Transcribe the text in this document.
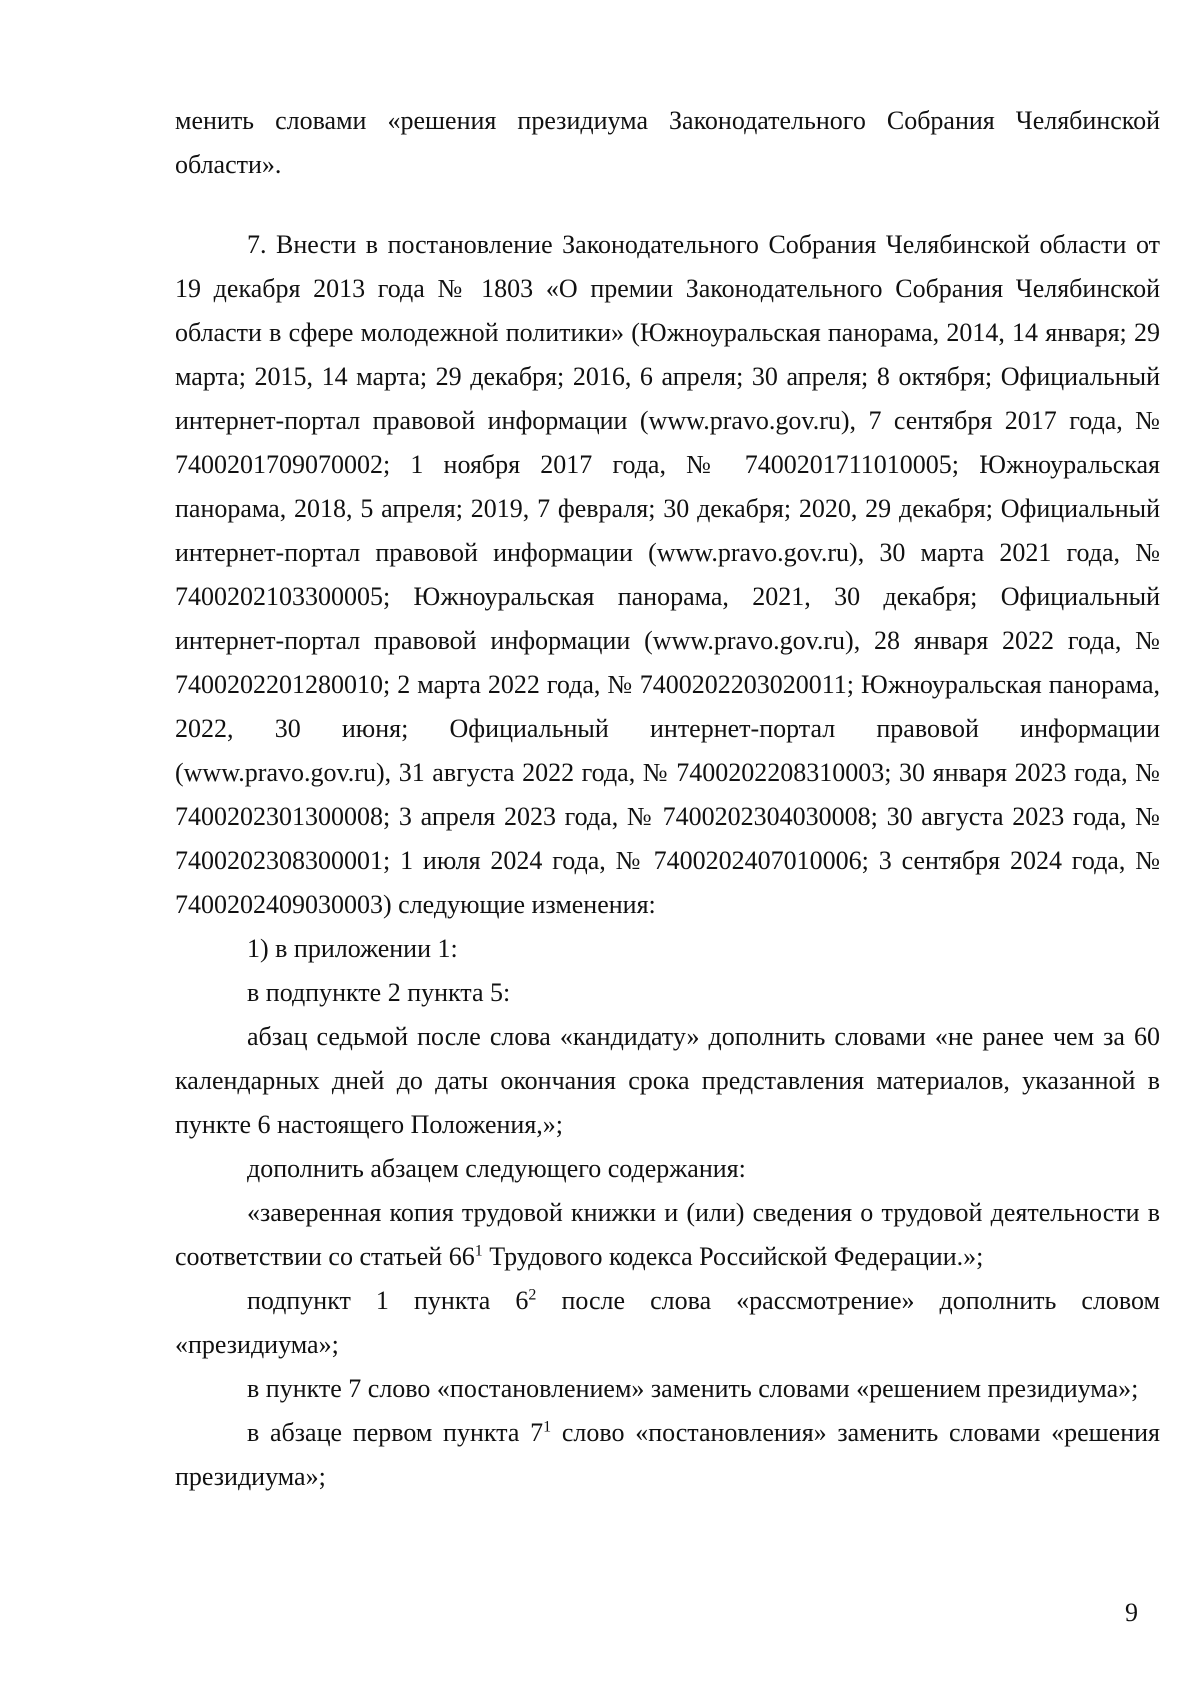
менить словами «решения президиума Законодательного Собрания Челябинской области».

7. Внести в постановление Законодательного Собрания Челябинской области от 19 декабря 2013 года № 1803 «О премии Законодательного Собрания Челябинской области в сфере молодежной политики» (Южноуральская панорама, 2014, 14 января; 29 марта; 2015, 14 марта; 29 декабря; 2016, 6 апреля; 30 апреля; 8 октября; Официальный интернет-портал правовой информации (www.pravo.gov.ru), 7 сентября 2017 года, № 7400201709070002; 1 ноября 2017 года, № 7400201711010005; Южноуральская панорама, 2018, 5 апреля; 2019, 7 февраля; 30 декабря; 2020, 29 декабря; Официальный интернет-портал правовой информации (www.pravo.gov.ru), 30 марта 2021 года, № 7400202103300005; Южноуральская панорама, 2021, 30 декабря; Официальный интернет-портал правовой информации (www.pravo.gov.ru), 28 января 2022 года, № 7400202201280010; 2 марта 2022 года, № 7400202203020011; Южноуральская панорама, 2022, 30 июня; Официальный интернет-портал правовой информации (www.pravo.gov.ru), 31 августа 2022 года, № 7400202208310003; 30 января 2023 года, № 7400202301300008; 3 апреля 2023 года, № 7400202304030008; 30 августа 2023 года, № 7400202308300001; 1 июля 2024 года, № 7400202407010006; 3 сентября 2024 года, № 7400202409030003) следующие изменения:

1) в приложении 1:

в подпункте 2 пункта 5:

абзац седьмой после слова «кандидату» дополнить словами «не ранее чем за 60 календарных дней до даты окончания срока представления материалов, указанной в пункте 6 настоящего Положения,»;

дополнить абзацем следующего содержания:

«заверенная копия трудовой книжки и (или) сведения о трудовой деятельности в соответствии со статьей $66^1$ Трудового кодекса Российской Федерации.»;

подпункт 1 пункта $6^2$ после слова «рассмотрение» дополнить словом «президиума»;

в пункте 7 слово «постановлением» заменить словами «решением президиума»;

в абзаце первом пункта $7^1$ слово «постановления» заменить словами «решения президиума»;

9
